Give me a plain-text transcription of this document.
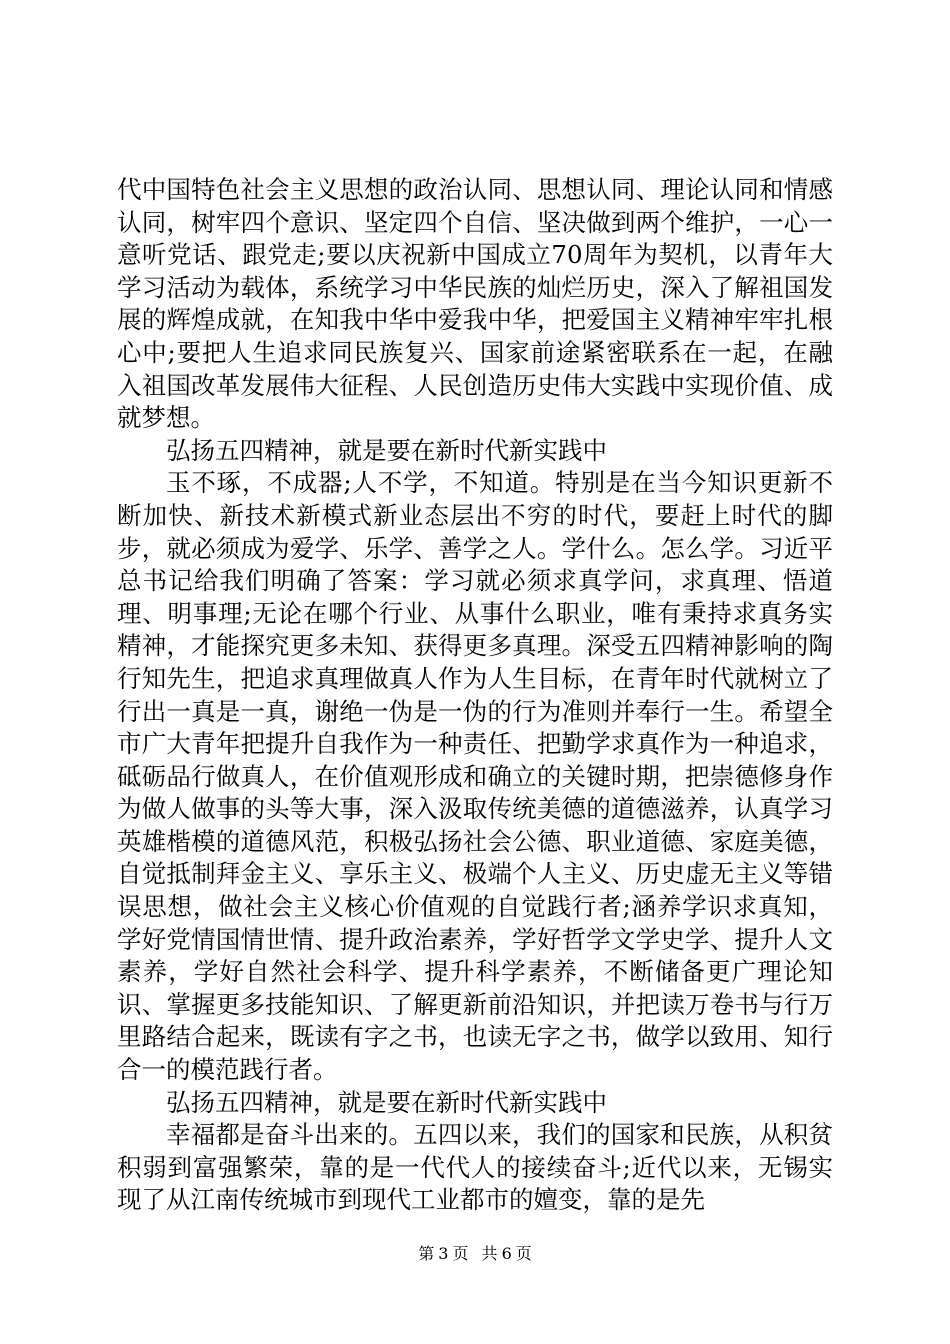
代中国特色社会主义思想的政治认同、思想认同、理论认同和情感认同，树牢四个意识、坚定四个自信、坚决做到两个维护，一心一意听党话、跟党走;要以庆祝新中国成立70周年为契机，以青年大学习活动为载体，系统学习中华民族的灿烂历史，深入了解祖国发展的辉煌成就，在知我中华中爱我中华，把爱国主义精神牢牢扎根心中;要把人生追求同民族复兴、国家前途紧密联系在一起，在融入祖国改革发展伟大征程、人民创造历史伟大实践中实现价值、成就梦想。

弘扬五四精神，就是要在新时代新实践中

玉不琢，不成器;人不学，不知道。特别是在当今知识更新不断加快、新技术新模式新业态层出不穷的时代，要赶上时代的脚步，就必须成为爱学、乐学、善学之人。学什么。怎么学。习近平总书记给我们明确了答案：学习就必须求真学问，求真理、悟道理、明事理;无论在哪个行业、从事什么职业，唯有秉持求真务实精神，才能探究更多未知、获得更多真理。深受五四精神影响的陶行知先生，把追求真理做真人作为人生目标，在青年时代就树立了行出一真是一真，谢绝一伪是一伪的行为准则并奉行一生。希望全市广大青年把提升自我作为一种责任、把勤学求真作为一种追求，砥砺品行做真人，在价值观形成和确立的关键时期，把崇德修身作为做人做事的头等大事，深入汲取传统美德的道德滋养，认真学习英雄楷模的道德风范，积极弘扬社会公德、职业道德、家庭美德，自觉抵制拜金主义、享乐主义、极端个人主义、历史虚无主义等错误思想，做社会主义核心价值观的自觉践行者;涵养学识求真知，学好党情国情世情、提升政治素养，学好哲学文学史学、提升人文素养，学好自然社会科学、提升科学素养，不断储备更广理论知识、掌握更多技能知识、了解更新前沿知识，并把读万卷书与行万里路结合起来，既读有字之书，也读无字之书，做学以致用、知行合一的模范践行者。

弘扬五四精神，就是要在新时代新实践中

幸福都是奋斗出来的。五四以来，我们的国家和民族，从积贫积弱到富强繁荣，靠的是一代代人的接续奋斗;近代以来，无锡实现了从江南传统城市到现代工业都市的嬗变，靠的是先

第 3 页 共 6 页
